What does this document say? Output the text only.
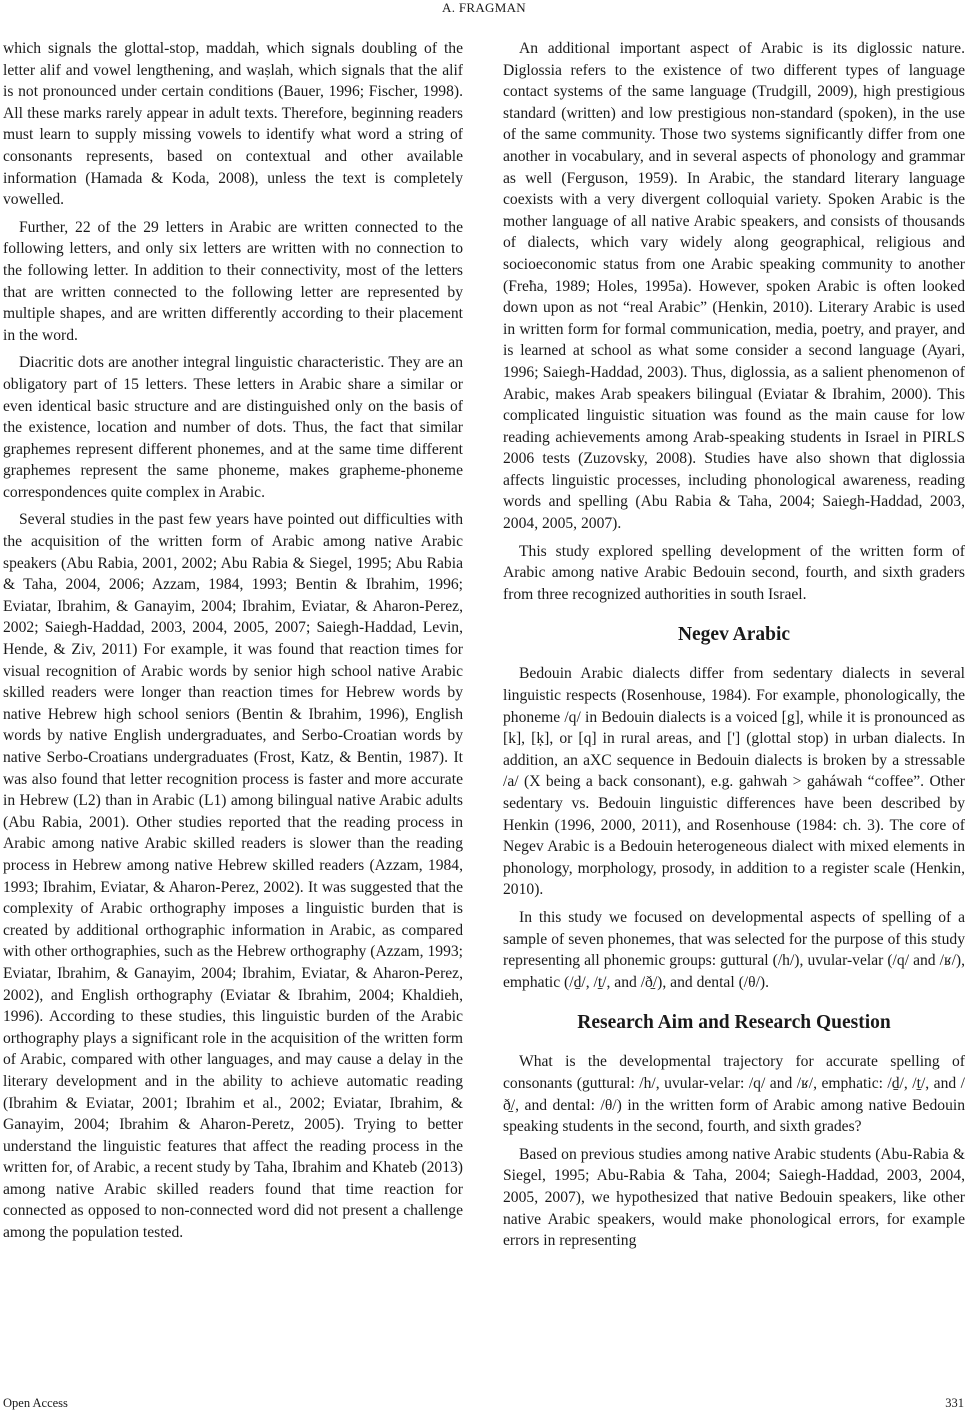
A. FRAGMAN

which signals the glottal-stop, maddah, which signals doubling of the letter alif and vowel lengthening, and waṣlah, which signals that the alif is not pronounced under certain conditions (Bauer, 1996; Fischer, 1998). All these marks rarely appear in adult texts. Therefore, beginning readers must learn to supply missing vowels to identify what word a string of consonants represents, based on contextual and other available information (Hamada & Koda, 2008), unless the text is completely vowelled.

Further, 22 of the 29 letters in Arabic are written connected to the following letters, and only six letters are written with no connection to the following letter. In addition to their connectivity, most of the letters that are written connected to the following letter are represented by multiple shapes, and are written differently according to their placement in the word.

Diacritic dots are another integral linguistic characteristic. They are an obligatory part of 15 letters. These letters in Arabic share a similar or even identical basic structure and are distinguished only on the basis of the existence, location and number of dots. Thus, the fact that similar graphemes represent different phonemes, and at the same time different graphemes represent the same phoneme, makes grapheme-phoneme correspondences quite complex in Arabic.

Several studies in the past few years have pointed out difficulties with the acquisition of the written form of Arabic among native Arabic speakers (Abu Rabia, 2001, 2002; Abu Rabia & Siegel, 1995; Abu Rabia & Taha, 2004, 2006; Azzam, 1984, 1993; Bentin & Ibrahim, 1996; Eviatar, Ibrahim, & Ganayim, 2004; Ibrahim, Eviatar, & Aharon-Perez, 2002; Saiegh-Haddad, 2003, 2004, 2005, 2007; Saiegh-Haddad, Levin, Hende, & Ziv, 2011) For example, it was found that reaction times for visual recognition of Arabic words by senior high school native Arabic skilled readers were longer than reaction times for Hebrew words by native Hebrew high school seniors (Bentin & Ibrahim, 1996), English words by native English undergraduates, and Serbo-Croatian words by native Serbo-Croatians undergraduates (Frost, Katz, & Bentin, 1987). It was also found that letter recognition process is faster and more accurate in Hebrew (L2) than in Arabic (L1) among bilingual native Arabic adults (Abu Rabia, 2001). Other studies reported that the reading process in Arabic among native Arabic skilled readers is slower than the reading process in Hebrew among native Hebrew skilled readers (Azzam, 1984, 1993; Ibrahim, Eviatar, & Aharon-Perez, 2002). It was suggested that the complexity of Arabic orthography imposes a linguistic burden that is created by additional orthographic information in Arabic, as compared with other orthographies, such as the Hebrew orthography (Azzam, 1993; Eviatar, Ibrahim, & Ganayim, 2004; Ibrahim, Eviatar, & Aharon-Perez, 2002), and English orthography (Eviatar & Ibrahim, 2004; Khaldieh, 1996). According to these studies, this linguistic burden of the Arabic orthography plays a significant role in the acquisition of the written form of Arabic, compared with other languages, and may cause a delay in the literary development and in the ability to achieve automatic reading (Ibrahim & Eviatar, 2001; Ibrahim et al., 2002; Eviatar, Ibrahim, & Ganayim, 2004; Ibrahim & Aharon-Peretz, 2005). Trying to better understand the linguistic features that affect the reading process in the written for, of Arabic, a recent study by Taha, Ibrahim and Khateb (2013) among native Arabic skilled readers found that time reaction for connected as opposed to non-connected word did not present a challenge among the population tested.

An additional important aspect of Arabic is its diglossic nature. Diglossia refers to the existence of two different types of language contact systems of the same language (Trudgill, 2009), high prestigious standard (written) and low prestigious non-standard (spoken), in the use of the same community. Those two systems significantly differ from one another in vocabulary, and in several aspects of phonology and grammar as well (Ferguson, 1959). In Arabic, the standard literary language coexists with a very divergent colloquial variety. Spoken Arabic is the mother language of all native Arabic speakers, and consists of thousands of dialects, which vary widely along geographical, religious and socioeconomic status from one Arabic speaking community to another (Freħa, 1989; Holes, 1995a). However, spoken Arabic is often looked down upon as not “real Arabic” (Henkin, 2010). Literary Arabic is used in written form for formal communication, media, poetry, and prayer, and is learned at school as what some consider a second language (Ayari, 1996; Saiegh-Haddad, 2003). Thus, diglossia, as a salient phenomenon of Arabic, makes Arab speakers bilingual (Eviatar & Ibrahim, 2000). This complicated linguistic situation was found as the main cause for low reading achievements among Arab-speaking students in Israel in PIRLS 2006 tests (Zuzovsky, 2008). Studies have also shown that diglossia affects linguistic processes, including phonological awareness, reading words and spelling (Abu Rabia & Taha, 2004; Saiegh-Haddad, 2003, 2004, 2005, 2007).

This study explored spelling development of the written form of Arabic among native Arabic Bedouin second, fourth, and sixth graders from three recognized authorities in south Israel.

Negev Arabic

Bedouin Arabic dialects differ from sedentary dialects in several linguistic respects (Rosenhouse, 1984). For example, phonologically, the phoneme /q/ in Bedouin dialects is a voiced [g], while it is pronounced as [k], [ḳ], or [q] in rural areas, and ['] (glottal stop) in urban dialects. In addition, an aXC sequence in Bedouin dialects is broken by a stressable /a/ (X being a back consonant), e.g. gahwah > gaháwah “coffee”. Other sedentary vs. Bedouin linguistic differences have been described by Henkin (1996, 2000, 2011), and Rosenhouse (1984: ch. 3). The core of Negev Arabic is a Bedouin heterogeneous dialect with mixed elements in phonology, morphology, prosody, in addition to a register scale (Henkin, 2010).

In this study we focused on developmental aspects of spelling of a sample of seven phonemes, that was selected for the purpose of this study representing all phonemic groups: guttural (/h/), uvular-velar (/q/ and /ʁ/), emphatic (/d̠/, /t̠/, and /ð̠/), and dental (/θ/).

Research Aim and Research Question

What is the developmental trajectory for accurate spelling of consonants (guttural: /h/, uvular-velar: /q/ and /ʁ/, emphatic: /d̠/, /t̠/, and /ð̠/, and dental: /θ/) in the written form of Arabic among native Bedouin speaking students in the second, fourth, and sixth grades?

Based on previous studies among native Arabic students (Abu-Rabia & Siegel, 1995; Abu-Rabia & Taha, 2004; Saiegh-Haddad, 2003, 2004, 2005, 2007), we hypothesized that native Bedouin speakers, like other native Arabic speakers, would make phonological errors, for example errors in representing

Open Access	331
